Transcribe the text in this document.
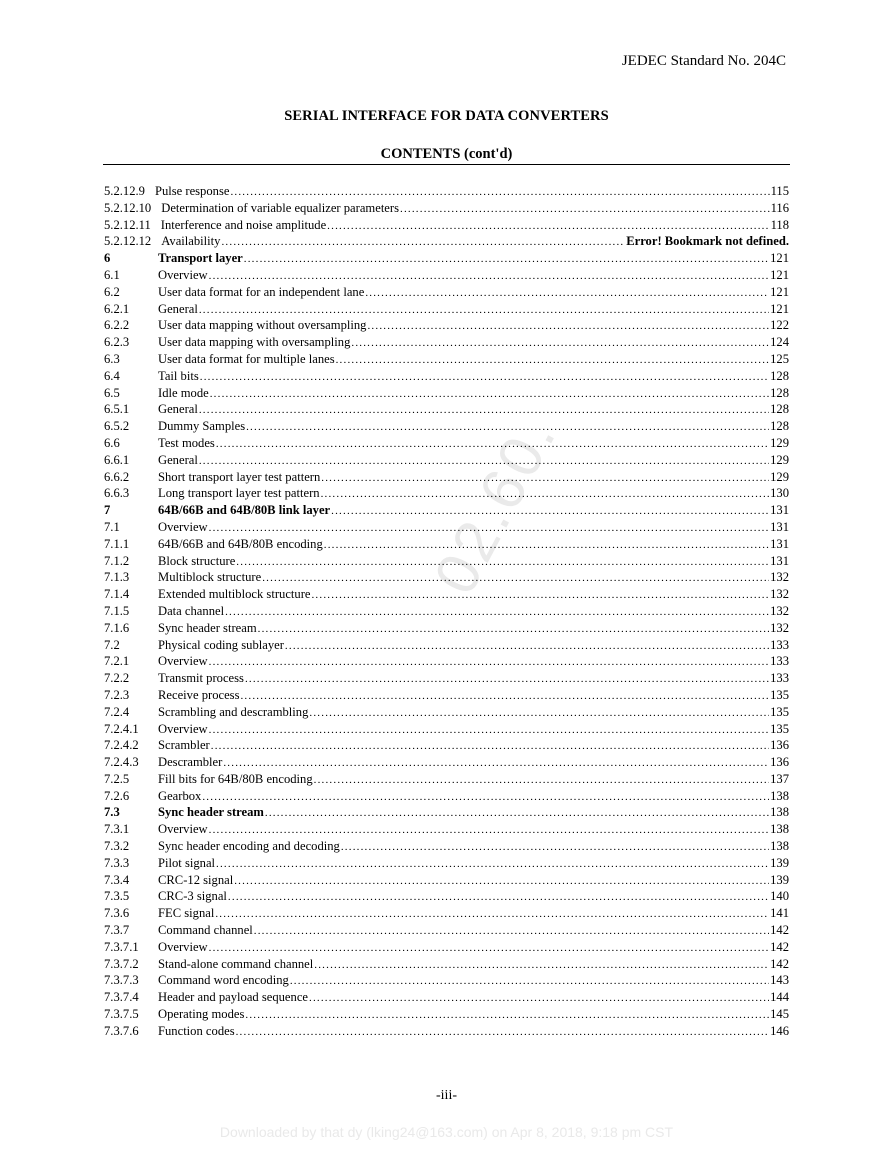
JEDEC Standard No. 204C
SERIAL INTERFACE FOR DATA CONVERTERS
CONTENTS (cont'd)
02.60.
5.2.12.9 Pulse response .....	115
5.2.12.10 Determination of variable equalizer parameters .....	116
5.2.12.11 Interference and noise amplitude .....	118
5.2.12.12 Availability .....	Error! Bookmark not defined.
6	Transport layer .....	121
6.1	Overview .....	121
6.2	User data format for an independent lane .....	121
6.2.1	General .....	121
6.2.2	User data mapping without oversampling .....	122
6.2.3	User data mapping with oversampling .....	124
6.3	User data format for multiple lanes .....	125
6.4	Tail bits .....	128
6.5	Idle mode .....	128
6.5.1	General .....	128
6.5.2	Dummy Samples .....	128
6.6	Test modes .....	129
6.6.1	General .....	129
6.6.2	Short transport layer test pattern .....	129
6.6.3	Long transport layer test pattern .....	130
7	64B/66B and 64B/80B link layer .....	131
7.1	Overview .....	131
7.1.1	64B/66B and 64B/80B encoding .....	131
7.1.2	Block structure .....	131
7.1.3	Multiblock structure .....	132
7.1.4	Extended multiblock structure .....	132
7.1.5	Data channel .....	132
7.1.6	Sync header stream .....	132
7.2	Physical coding sublayer .....	133
7.2.1	Overview .....	133
7.2.2	Transmit process .....	133
7.2.3	Receive process .....	135
7.2.4	Scrambling and descrambling .....	135
7.2.4.1	Overview .....	135
7.2.4.2	Scrambler .....	136
7.2.4.3	Descrambler .....	136
7.2.5	Fill bits for 64B/80B encoding .....	137
7.2.6	Gearbox .....	138
7.3	Sync header stream .....	138
7.3.1	Overview .....	138
7.3.2	Sync header encoding and decoding .....	138
7.3.3	Pilot signal .....	139
7.3.4	CRC-12 signal .....	139
7.3.5	CRC-3 signal .....	140
7.3.6	FEC signal .....	141
7.3.7	Command channel .....	142
7.3.7.1	Overview .....	142
7.3.7.2	Stand-alone command channel .....	142
7.3.7.3	Command word encoding .....	143
7.3.7.4	Header and payload sequence .....	144
7.3.7.5	Operating modes .....	145
7.3.7.6	Function codes .....	146
-iii-
Downloaded by that dy (lking24@163.com) on Apr 8, 2018, 9:18 pm CST
